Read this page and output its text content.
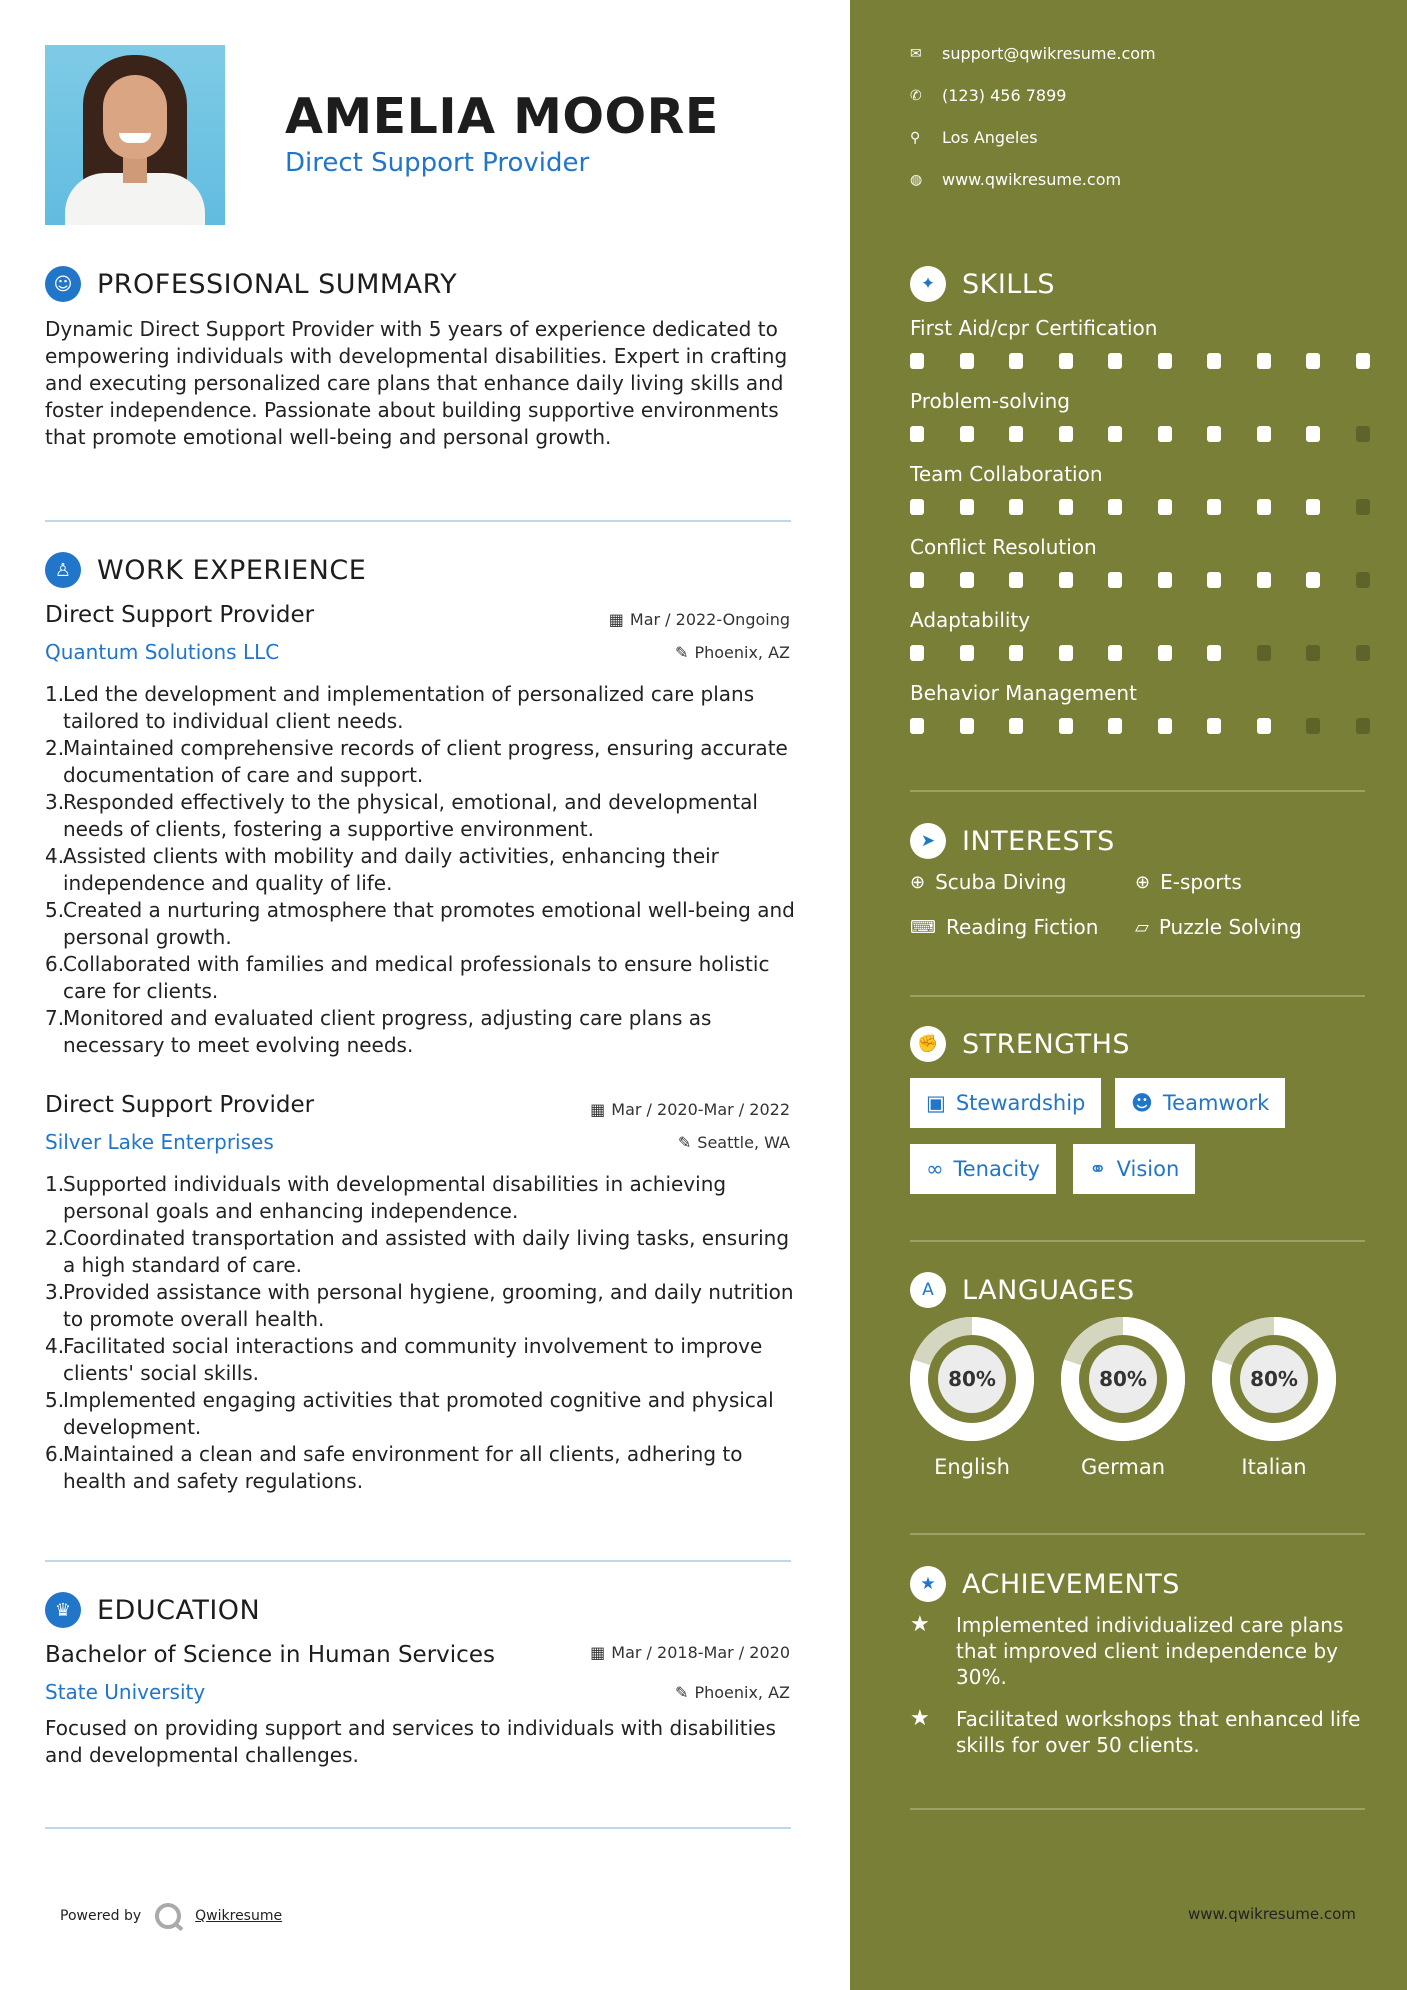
AMELIA MOORE
Direct Support Provider
☺ PROFESSIONAL SUMMARY
Dynamic Direct Support Provider with 5 years of experience dedicated to empowering individuals with developmental disabilities. Expert in crafting and executing personalized care plans that enhance daily living skills and foster independence. Passionate about building supportive environments that promote emotional well-being and personal growth.
♙ WORK EXPERIENCE
Direct Support Provider	▦ Mar / 2022-Ongoing
Quantum Solutions LLC	✎ Phoenix, AZ
1.
Led the development and implementation of personalized care plans tailored to individual client needs.
2.
Maintained comprehensive records of client progress, ensuring accurate documentation of care and support.
3.
Responded effectively to the physical, emotional, and developmental needs of clients, fostering a supportive environment.
4.
Assisted clients with mobility and daily activities, enhancing their independence and quality of life.
5.
Created a nurturing atmosphere that promotes emotional well-being and personal growth.
6.
Collaborated with families and medical professionals to ensure holistic care for clients.
7.
Monitored and evaluated client progress, adjusting care plans as necessary to meet evolving needs.
Direct Support Provider	▦ Mar / 2020-Mar / 2022
Silver Lake Enterprises	✎ Seattle, WA
1.
Supported individuals with developmental disabilities in achieving personal goals and enhancing independence.
2.
Coordinated transportation and assisted with daily living tasks, ensuring a high standard of care.
3.
Provided assistance with personal hygiene, grooming, and daily nutrition to promote overall health.
4.
Facilitated social interactions and community involvement to improve clients' social skills.
5.
Implemented engaging activities that promoted cognitive and physical development.
6.
Maintained a clean and safe environment for all clients, adhering to health and safety regulations.
♛ EDUCATION
Bachelor of Science in Human Services	▦ Mar / 2018-Mar / 2020
State University	✎ Phoenix, AZ
Focused on providing support and services to individuals with disabilities and developmental challenges.
Powered by	Qwikresume
✉	support@qwikresume.com
✆	(123) 456 7899
⚲	Los Angeles
◍	www.qwikresume.com
✦ SKILLS
First Aid/cpr Certification
Problem-solving
Team Collaboration
Conflict Resolution
Adaptability
Behavior Management
➤ INTERESTS
⊕ Scuba Diving	⊕ E-sports
⌨ Reading Fiction ▱ Puzzle Solving
✊ STRENGTHS
▣ Stewardship ☻ Teamwork
∞ Tenacity ⚭ Vision
A	LANGUAGES
80%
English
80%
German
80%
Italian
★ ACHIEVEMENTS
★	Implemented individualized care plans that improved client independence by 30%.
★	Facilitated workshops that enhanced life skills for over 50 clients.
www.qwikresume.com
